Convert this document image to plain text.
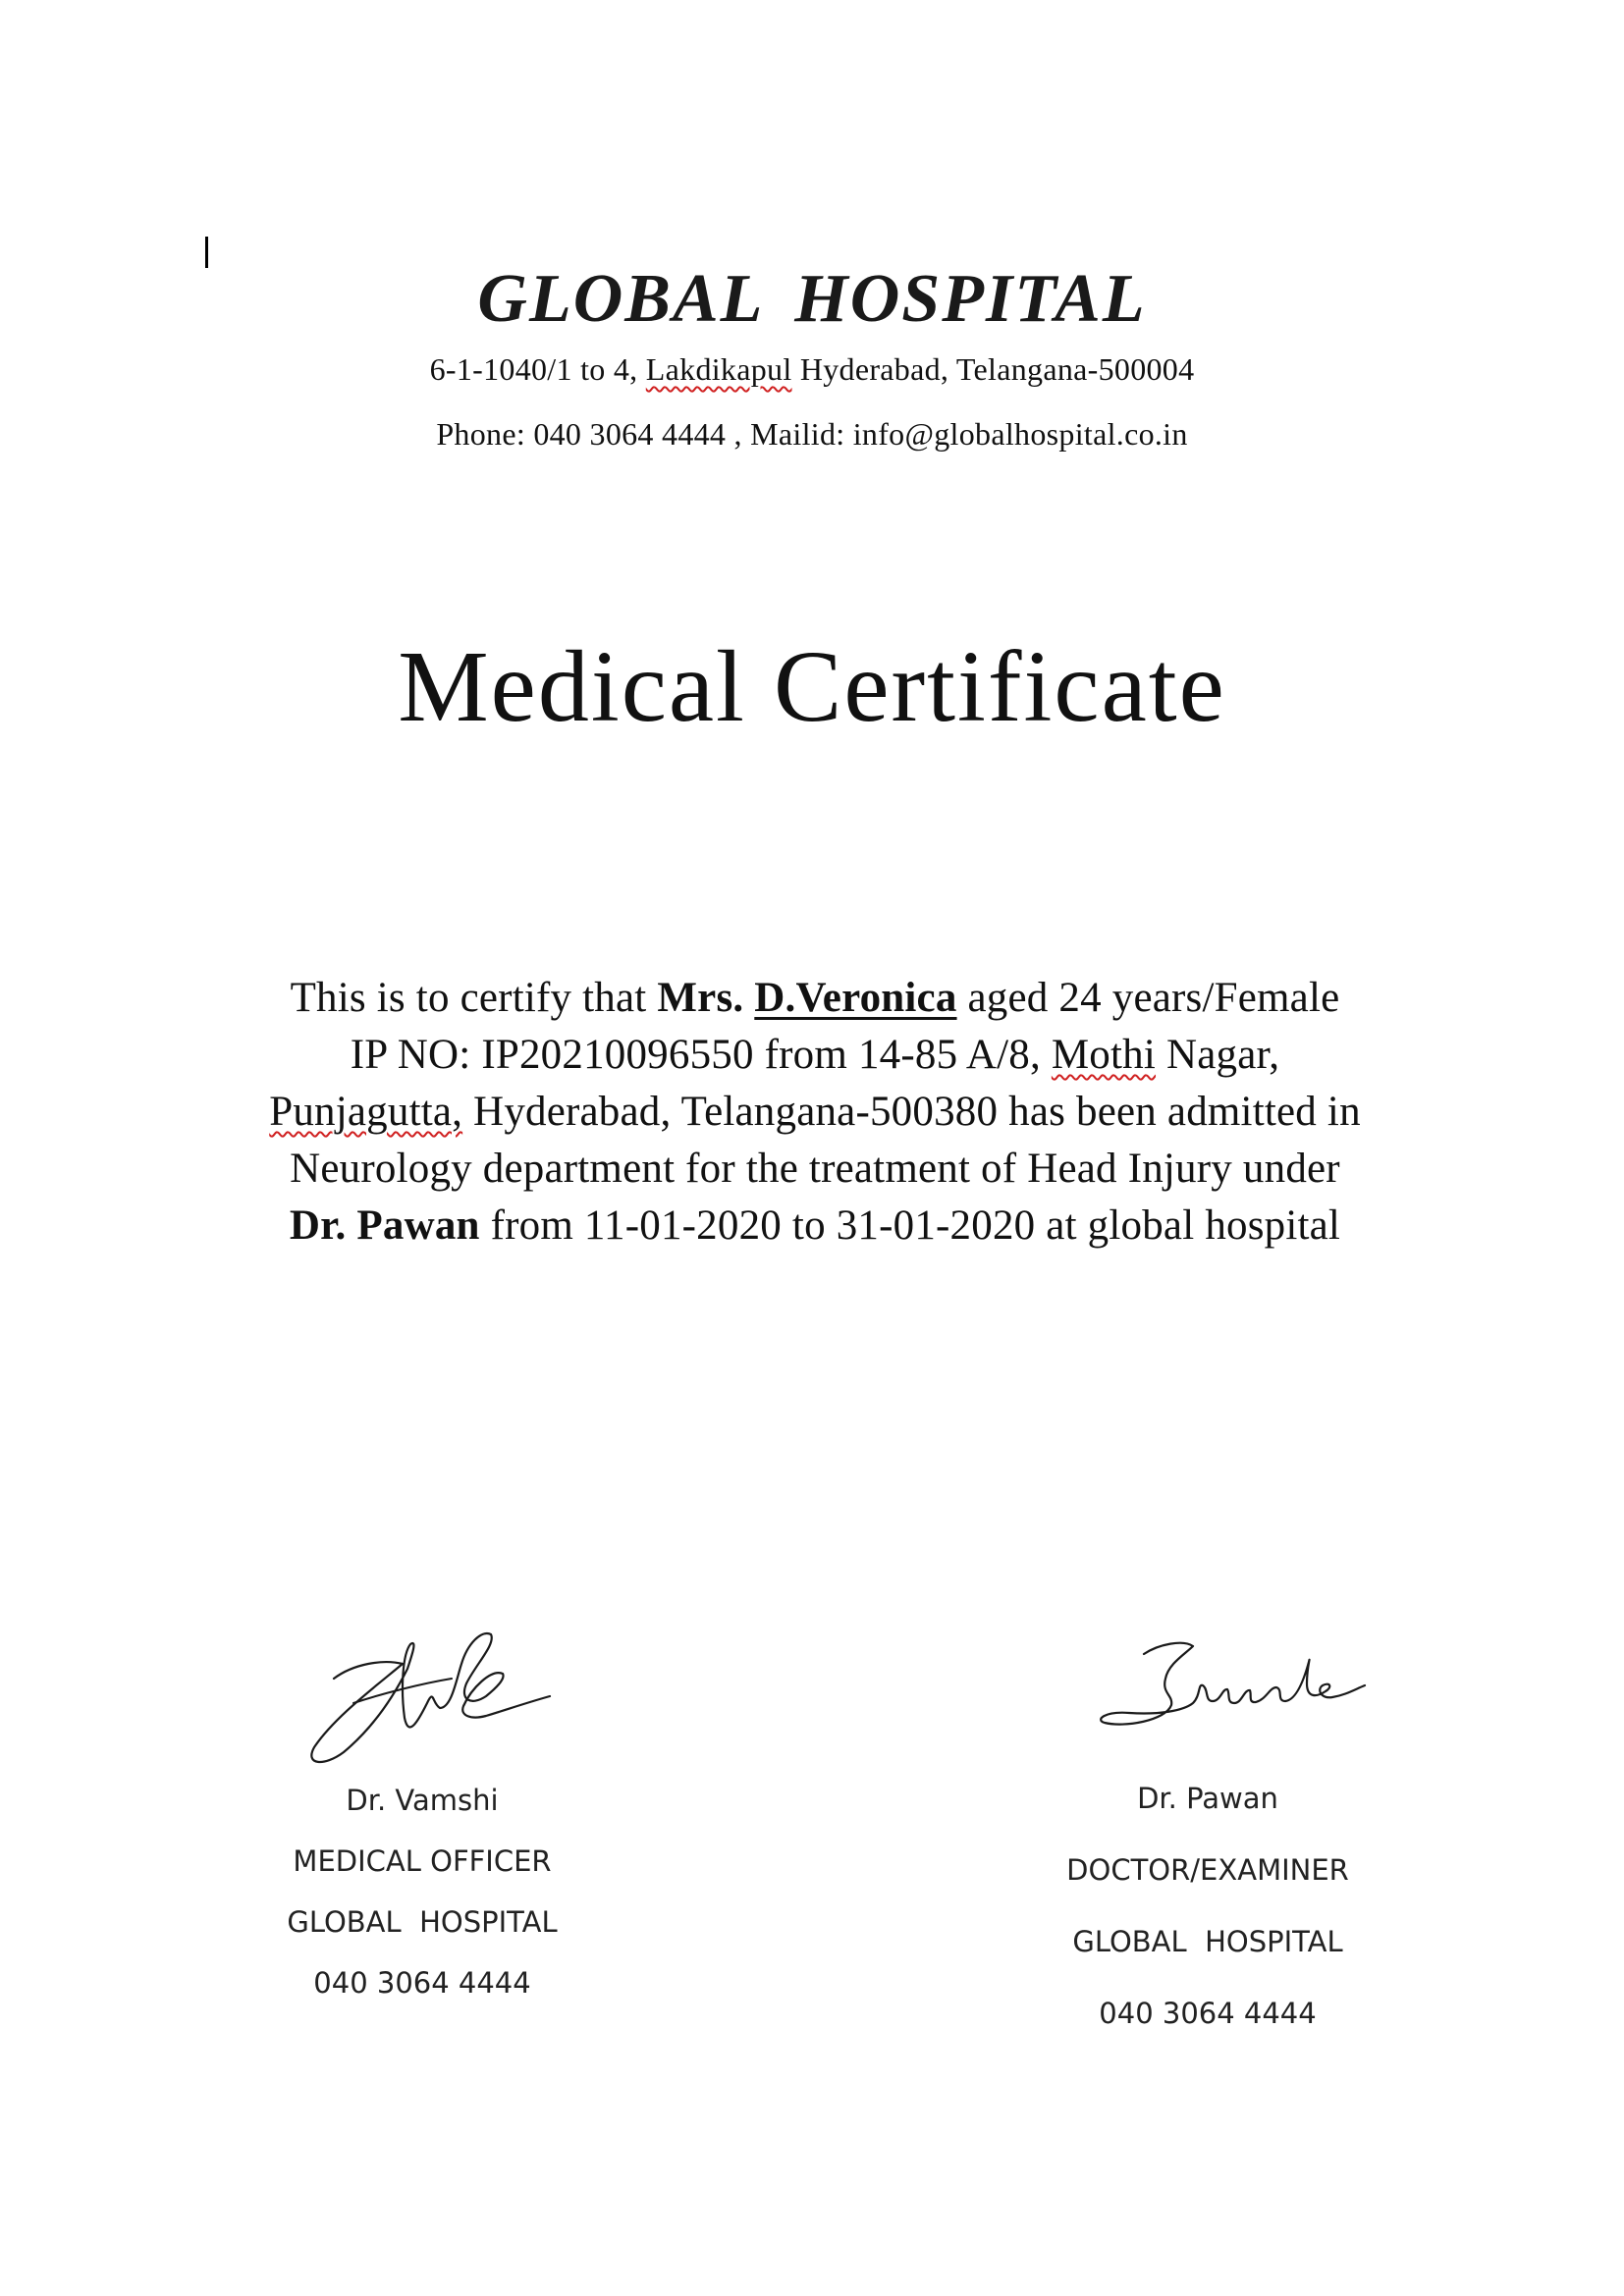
GLOBAL HOSPITAL
6-1-1040/1 to 4, Lakdikapul Hyderabad, Telangana-500004
Phone: 040 3064 4444 , Mailid: info@globalhospital.co.in
Medical Certificate
This is to certify that Mrs. D.Veronica aged 24 years/Female
IP NO: IP20210096550 from 14-85 A/8, Mothi Nagar,
Punjagutta, Hyderabad, Telangana-500380 has been admitted in
Neurology department for the treatment of Head Injury under
Dr. Pawan from 11-01-2020 to 31-01-2020 at global hospital
Dr. Vamshi
MEDICAL OFFICER
GLOBAL  HOSPITAL
040 3064 4444
Dr. Pawan
DOCTOR/EXAMINER
GLOBAL  HOSPITAL
040 3064 4444
